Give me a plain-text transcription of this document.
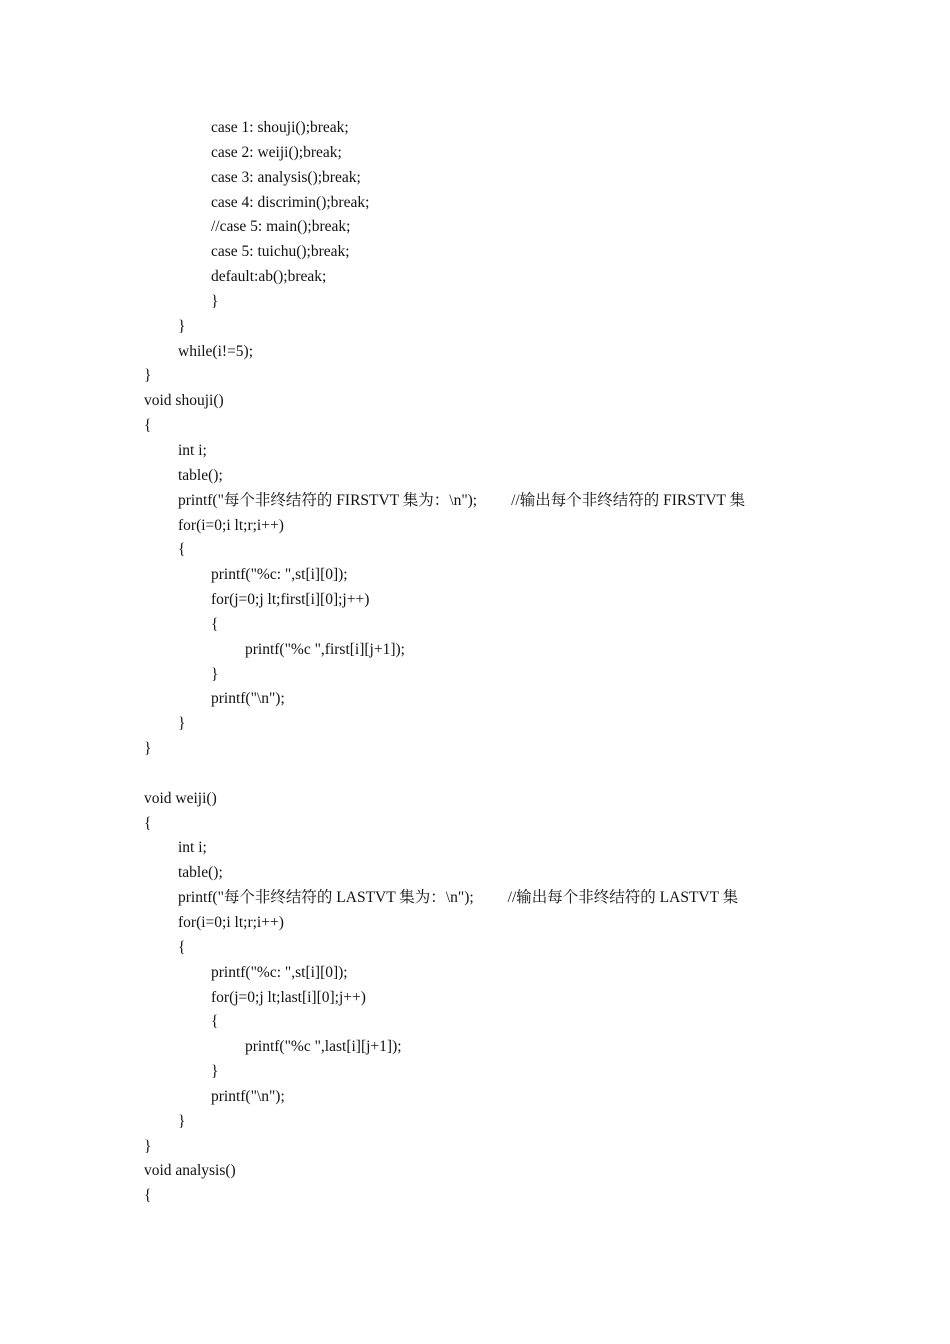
case 1: shouji();break;
case 2: weiji();break;
case 3: analysis();break;
case 4: discrimin();break;
//case 5: main();break;
case 5: tuichu();break;
default:ab();break;
}
}
while(i!=5);
}
void shouji()
{
int i;
table();
printf("每个非终结符的 FIRSTVT 集为：\n"); //输出每个非终结符的 FIRSTVT 集
for(i=0;i lt;r;i++)
{
printf("%c: ",st[i][0]);
for(j=0;j lt;first[i][0];j++)
{
printf("%c ",first[i][j+1]);
}
printf("\n");
}
}
void weiji()
{
int i;
table();
printf("每个非终结符的 LASTVT 集为：\n"); //输出每个非终结符的 LASTVT 集
for(i=0;i lt;r;i++)
{
printf("%c: ",st[i][0]);
for(j=0;j lt;last[i][0];j++)
{
printf("%c ",last[i][j+1]);
}
printf("\n");
}
}
void analysis()
{
